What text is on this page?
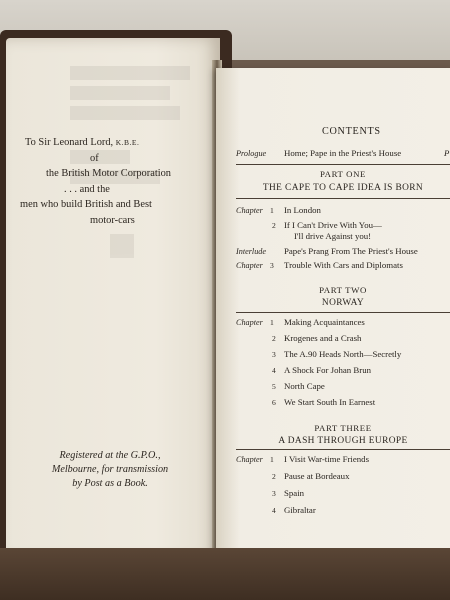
To Sir Leonard Lord, K.B.E.
of
the British Motor Corporation
. . . and the
men who build British and Best
motor-cars
Registered at the G.P.O.,
Melbourne, for transmission
by Post as a Book.
CONTENTS
Prologue	Home; Pape in the Priest's House	P
PART ONE
THE CAPE TO CAPE IDEA IS BORN
Chapter 1 In London
2 If I Can't Drive With You—
I'll drive Against you!
Interlude	Pape's Prang From The Priest's House
Chapter 3 Trouble With Cars and Diplomats
PART TWO
NORWAY
Chapter 1 Making Acquaintances
2 Krogenes and a Crash
3 The A.90 Heads North—Secretly
4 A Shock For Johan Brun
5 North Cape
6 We Start South In Earnest
PART THREE
A DASH THROUGH EUROPE
Chapter 1 I Visit War-time Friends
2 Pause at Bordeaux
3 Spain
4 Gibraltar
